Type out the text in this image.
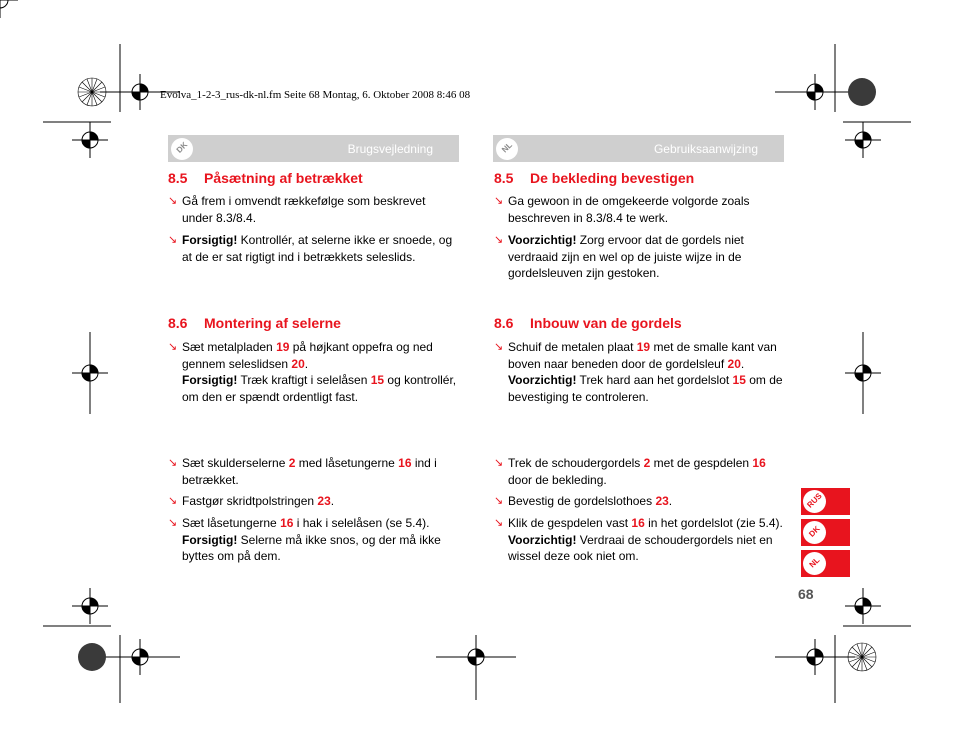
Evolva_1-2-3_rus-dk-nl.fm Seite 68 Montag, 6. Oktober 2008 8:46 08
DK	Brugsvejledning	NL	Gebruiksaanwijzing
8.5 Påsætning af betrækket
↘ Gå frem i omvendt rækkefølge som beskrevet under 8.3/8.4.
↘ Forsigtig! Kontrollér, at selerne ikke er snoede, og at de er sat rigtigt ind i betrækkets seleslids.
8.6 Montering af selerne
↘ Sæt metalpladen 19 på højkant oppefra og ned gennem seleslidsen 20.
Forsigtig! Træk kraftigt i selelåsen 15 og kontrollér, om den er spændt ordentligt fast.
↘ Sæt skulderselerne 2 med låsetungerne 16 ind i betrækket.
↘ Fastgør skridtpolstringen 23.
↘ Sæt låsetungerne 16 i hak i selelåsen (se 5.4).
Forsigtig! Selerne må ikke snos, og der må ikke byttes om på dem.
8.5 De bekleding bevestigen
↘ Ga gewoon in de omgekeerde volgorde zoals beschreven in 8.3/8.4 te werk.
↘ Voorzichtig! Zorg ervoor dat de gordels niet verdraaid zijn en wel op de juiste wijze in de gordelsleuven zijn gestoken.
8.6 Inbouw van de gordels
↘ Schuif de metalen plaat 19 met de smalle kant van boven naar beneden door de gordelsleuf 20.
Voorzichtig! Trek hard aan het gordelslot 15 om de bevestiging te controleren.
↘ Trek de schoudergordels 2 met de gespdelen 16 door de bekleding.
↘ Bevestig de gordelslothoes 23.
↘ Klik de gespdelen vast 16 in het gordelslot (zie 5.4).
Voorzichtig! Verdraai de schoudergordels niet en wissel deze ook niet om.
RUS
DK
NL
68
